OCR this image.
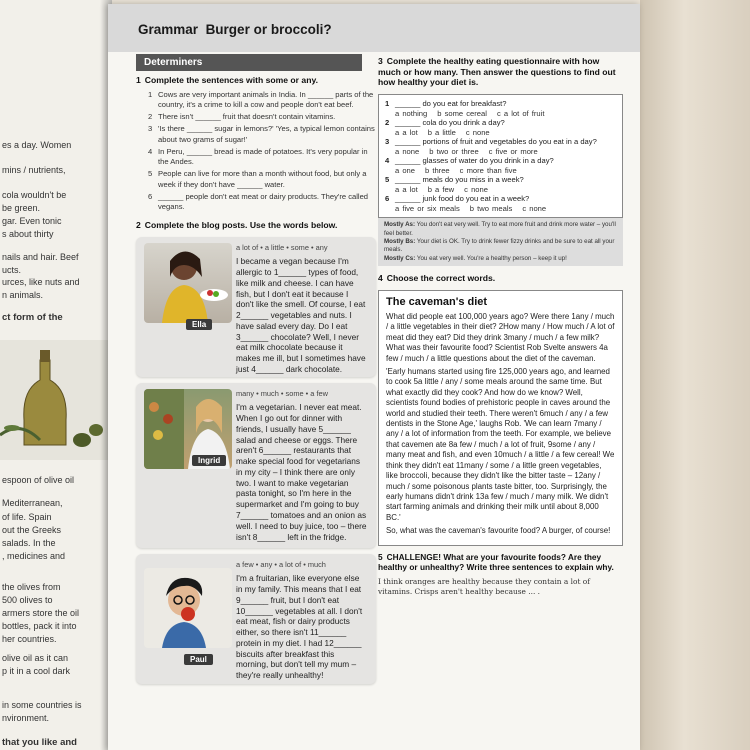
es a day. Women
mins / nutrients,
cola wouldn't be
be green.
gar. Even tonic
s about thirty
nails and hair. Beef
ucts.
urces, like nuts and
n animals.
ct form of the
espoon of olive oil
Mediterranean,
of life. Spain
out the Greeks
salads. In the
, medicines and
the olives from
500 olives to
armers store the oil
bottles, pack it into
her countries.
olive oil as it can
p it in a cool dark
in some countries is
nvironment.
that you like and
Grammar Burger or broccoli?
Determiners
1 Complete the sentences with some or any.
1 Cows are very important animals in India. In ______ parts of the country, it's a crime to kill a cow and people don't eat beef.
2 There isn't ______ fruit that doesn't contain vitamins.
3 'Is there ______ sugar in lemons?' 'Yes, a typical lemon contains about two grams of sugar!'
4 In Peru, ______ bread is made of potatoes. It's very popular in the Andes.
5 People can live for more than a month without food, but only a week if they don't have ______ water.
6 ______ people don't eat meat or dairy products. They're called vegans.
2 Complete the blog posts. Use the words below.
Ella
a lot of • a little • some • any
I became a vegan because I'm allergic to 1______ types of food, like milk and cheese. I can have fish, but I don't eat it because I don't like the smell. Of course, I eat 2______ vegetables and nuts. I have salad every day. Do I eat 3______ chocolate? Well, I never eat milk chocolate because it makes me ill, but I sometimes have just 4______ dark chocolate.
Ingrid
many • much • some • a few
I'm a vegetarian. I never eat meat. When I go out for dinner with friends, I usually have 5______ salad and cheese or eggs. There aren't 6______ restaurants that make special food for vegetarians in my city – I think there are only two. I want to make vegetarian pasta tonight, so I'm here in the supermarket and I'm going to buy 7______ tomatoes and an onion as well. I need to buy juice, too – there isn't 8______ left in the fridge.
Paul
a few • any • a lot of • much
I'm a fruitarian, like everyone else in my family. This means that I eat 9______ fruit, but I don't eat 10______ vegetables at all. I don't eat meat, fish or dairy products either, so there isn't 11______ protein in my diet. I had 12______ biscuits after breakfast this morning, but don't tell my mum – they're really unhealthy!
3 Complete the healthy eating questionnaire with how much or how many. Then answer the questions to find out how healthy your diet is.
1 ______ do you eat for breakfast?
a nothing b some cereal c a lot of fruit
2 ______ cola do you drink a day?
a a lot b a little c none
3 ______ portions of fruit and vegetables do you eat in a day?
a none b two or three c five or more
4 ______ glasses of water do you drink in a day?
a one b three c more than five
5 ______ meals do you miss in a week?
a a lot b a few c none
6 ______ junk food do you eat in a week?
a five or six meals b two meals c none
Mostly As: You don't eat very well. Try to eat more fruit and drink more water – you'll feel better.
Mostly Bs: Your diet is OK. Try to drink fewer fizzy drinks and be sure to eat all your meals.
Mostly Cs: You eat very well. You're a healthy person – keep it up!
4 Choose the correct words.
The caveman's diet

What did people eat 100,000 years ago? Were there 1any / much / a little vegetables in their diet? 2How many / How much / A lot of meat did they eat? Did they drink 3many / much / a few milk? What was their favourite food? Scientist Rob Svelte answers 4a few / much / a little questions about the diet of the caveman.

'Early humans started using fire 125,000 years ago, and learned to cook 5a little / any / some meals around the same time. But what exactly did they cook? And how do we know? Well, scientists found bodies of prehistoric people in caves around the world and studied their teeth. There weren't 6much / any / a few dentists in the Stone Age,' laughs Rob. 'We can learn 7many / any / a lot of information from the teeth. For example, we believe that cavemen ate 8a few / much / a lot of fruit, 9some / any / many meat and fish, and even 10much / a little / a few cereal! We think they didn't eat 11many / some / a little green vegetables, like broccoli, because they didn't like the bitter taste – 12any / much / some poisonous plants taste bitter, too. Surprisingly, the early humans didn't drink 13a few / much / many milk. We didn't start farming animals and drinking their milk until about 8,000 BC.'

So, what was the caveman's favourite food? A burger, of course!

5 CHALLENGE! What are your favourite foods? Are they healthy or unhealthy? Write three sentences to explain why.
I think oranges are healthy because they contain a lot of vitamins. Crisps aren't healthy because ... .
